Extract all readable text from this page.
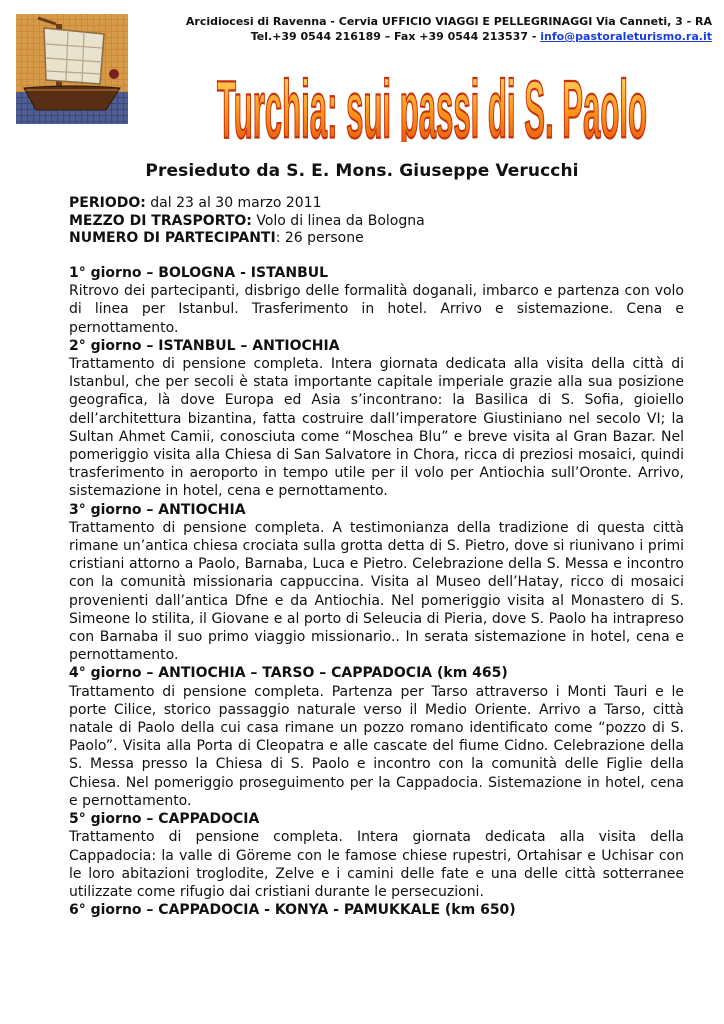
Arcidiocesi di Ravenna - Cervia UFFICIO VIAGGI E PELLEGRINAGGI Via Canneti, 3 - RA
Tel.+39 0544 216189 – Fax +39 0544 213537 - info@pastoraleturismo.ra.it
Turchia: sui passi di S. Paolo
Presieduto da S. E. Mons. Giuseppe Verucchi
PERIODO: dal 23 al 30 marzo 2011
MEZZO DI TRASPORTO: Volo di linea da Bologna
NUMERO DI PARTECIPANTI: 26 persone
1° giorno – BOLOGNA - ISTANBUL
Ritrovo dei partecipanti, disbrigo delle formalità doganali, imbarco e partenza con volo di linea per Istanbul. Trasferimento in hotel. Arrivo e sistemazione. Cena e pernottamento.
2° giorno – ISTANBUL – ANTIOCHIA
Trattamento di pensione completa. Intera giornata dedicata alla visita della città di Istanbul, che per secoli è stata importante capitale imperiale grazie alla sua posizione geografica, là dove Europa ed Asia s’incontrano: la Basilica di S. Sofia, gioiello dell’architettura bizantina, fatta costruire dall’imperatore Giustiniano nel secolo VI; la Sultan Ahmet Camii, conosciuta come “Moschea Blu” e breve visita al Gran Bazar. Nel pomeriggio visita alla Chiesa di San Salvatore in Chora, ricca di preziosi mosaici, quindi trasferimento in aeroporto in tempo utile per il volo per Antiochia sull’Oronte. Arrivo, sistemazione in hotel, cena e pernottamento.
3° giorno – ANTIOCHIA
Trattamento di pensione completa. A testimonianza della tradizione di questa città rimane un’antica chiesa crociata sulla grotta detta di S. Pietro, dove si riunivano i primi cristiani attorno a Paolo, Barnaba, Luca e Pietro. Celebrazione della S. Messa e incontro con la comunità missionaria cappuccina. Visita al Museo dell’Hatay, ricco di mosaici provenienti dall’antica Dfne e da Antiochia. Nel pomeriggio visita al Monastero di S. Simeone lo stilita, il Giovane e al porto di Seleucia di Pieria, dove S. Paolo ha intrapreso con Barnaba il suo primo viaggio missionario.. In serata sistemazione in hotel, cena e pernottamento.
4° giorno – ANTIOCHIA – TARSO – CAPPADOCIA (km 465)
Trattamento di pensione completa. Partenza per Tarso attraverso i Monti Tauri e le porte Cilice, storico passaggio naturale verso il Medio Oriente. Arrivo a Tarso, città natale di Paolo della cui casa rimane un pozzo romano identificato come “pozzo di S. Paolo”. Visita alla Porta di Cleopatra e alle cascate del fiume Cidno. Celebrazione della S. Messa presso la Chiesa di S. Paolo e incontro con la comunità delle Figlie della Chiesa. Nel pomeriggio proseguimento per la Cappadocia. Sistemazione in hotel, cena e pernottamento.
5° giorno – CAPPADOCIA
Trattamento di pensione completa. Intera giornata dedicata alla visita della Cappadocia: la valle di Göreme con le famose chiese rupestri, Ortahisar e Uchisar con le loro abitazioni troglodite, Zelve e i camini delle fate e una delle città sotterranee utilizzate come rifugio dai cristiani durante le persecuzioni.
6° giorno – CAPPADOCIA - KONYA - PAMUKKALE (km 650)
